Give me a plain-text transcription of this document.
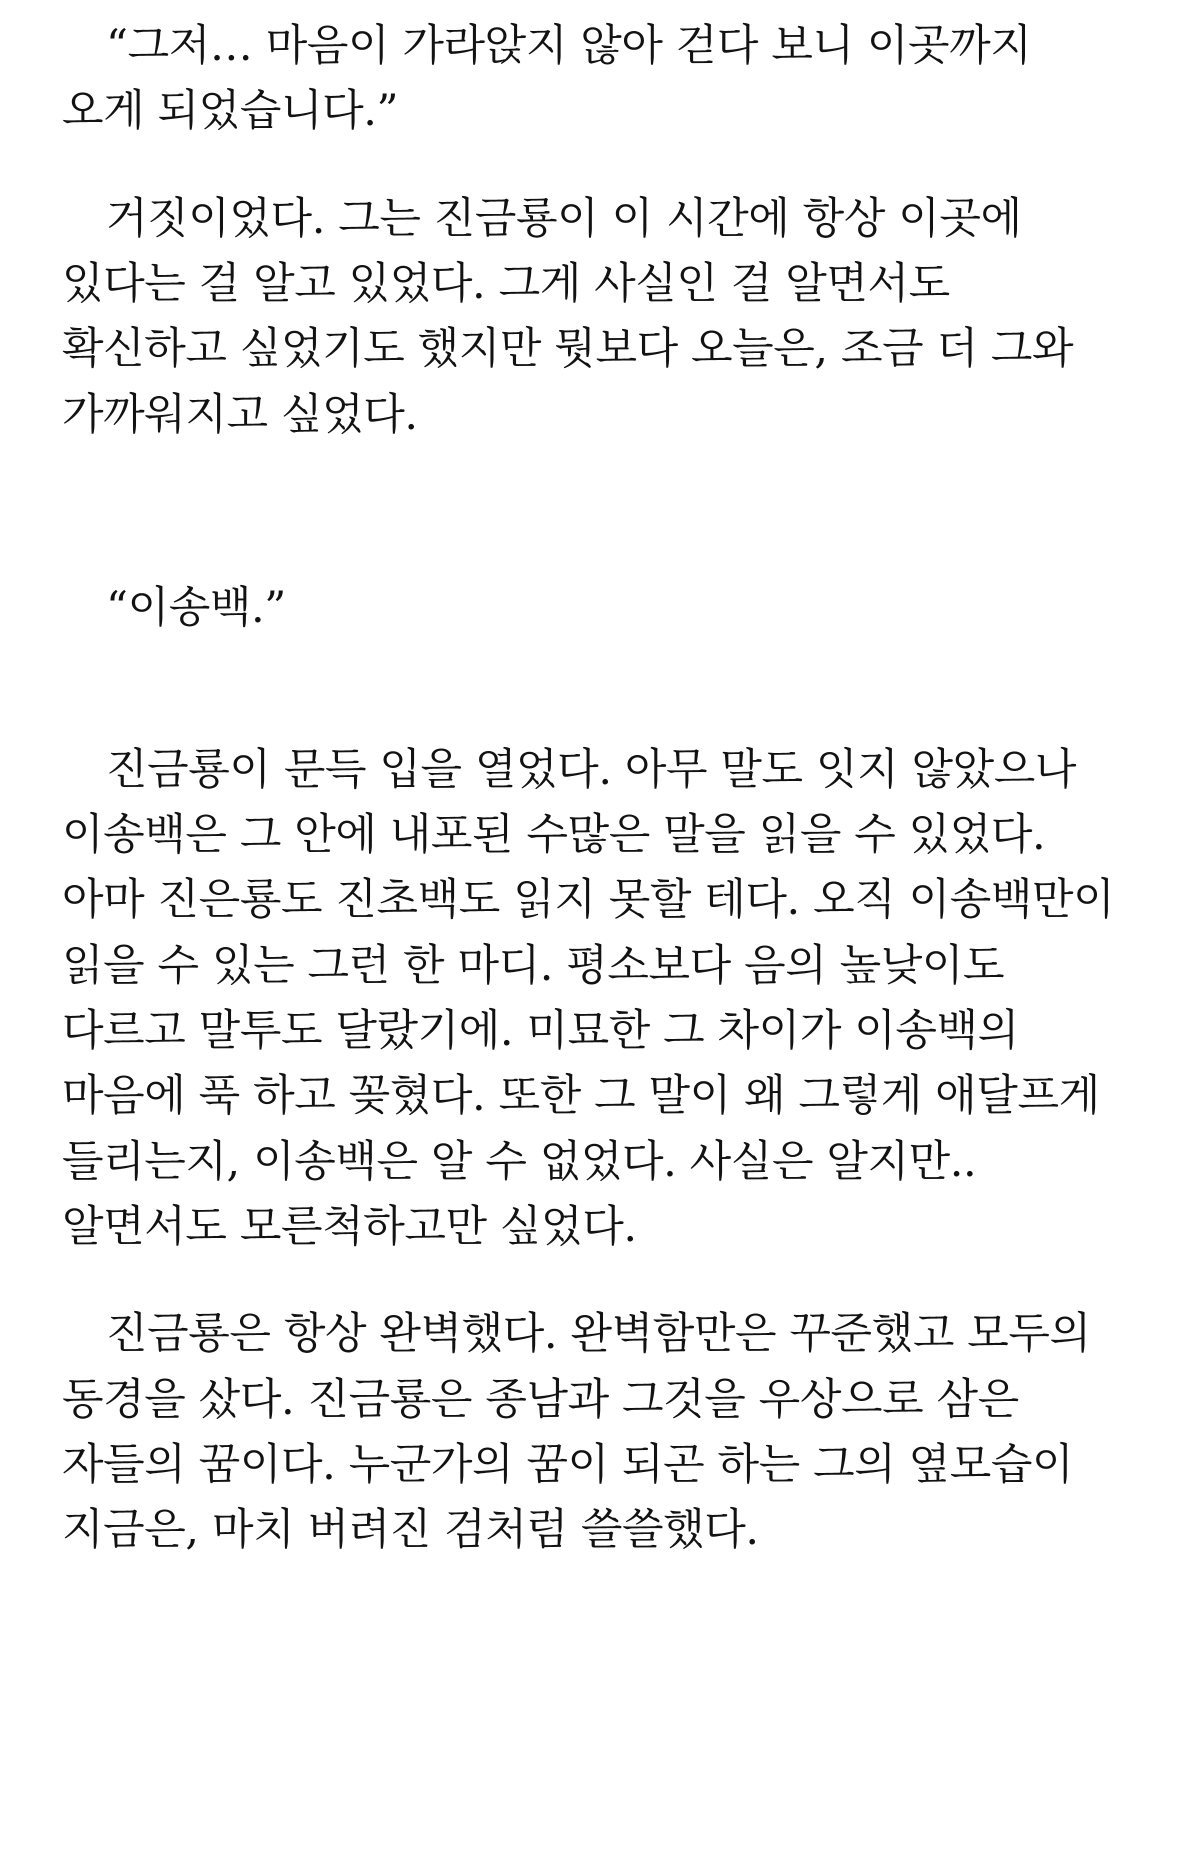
“그저… 마음이 가라앉지 않아 걷다 보니 이곳까지 오게 되었습니다.”

거짓이었다. 그는 진금룡이 이 시간에 항상 이곳에 있다는 걸 알고 있었다. 그게 사실인 걸 알면서도 확신하고 싶었기도 했지만 뭣보다 오늘은, 조금 더 그와 가까워지고 싶었다.

“이송백.”

진금룡이 문득 입을 열었다. 아무 말도 잇지 않았으나 이송백은 그 안에 내포된 수많은 말을 읽을 수 있었다. 아마 진은룡도 진초백도 읽지 못할 테다. 오직 이송백만이 읽을 수 있는 그런 한 마디. 평소보다 음의 높낮이도 다르고 말투도 달랐기에. 미묘한 그 차이가 이송백의 마음에 푹 하고 꽂혔다. 또한 그 말이 왜 그렇게 애달프게 들리는지, 이송백은 알 수 없었다. 사실은 알지만.. 알면서도 모른척하고만 싶었다.

진금룡은 항상 완벽했다. 완벽함만은 꾸준했고 모두의 동경을 샀다. 진금룡은 종남과 그것을 우상으로 삼은 자들의 꿈이다. 누군가의 꿈이 되곤 하는 그의 옆모습이 지금은, 마치 버려진 검처럼 쓸쓸했다.
